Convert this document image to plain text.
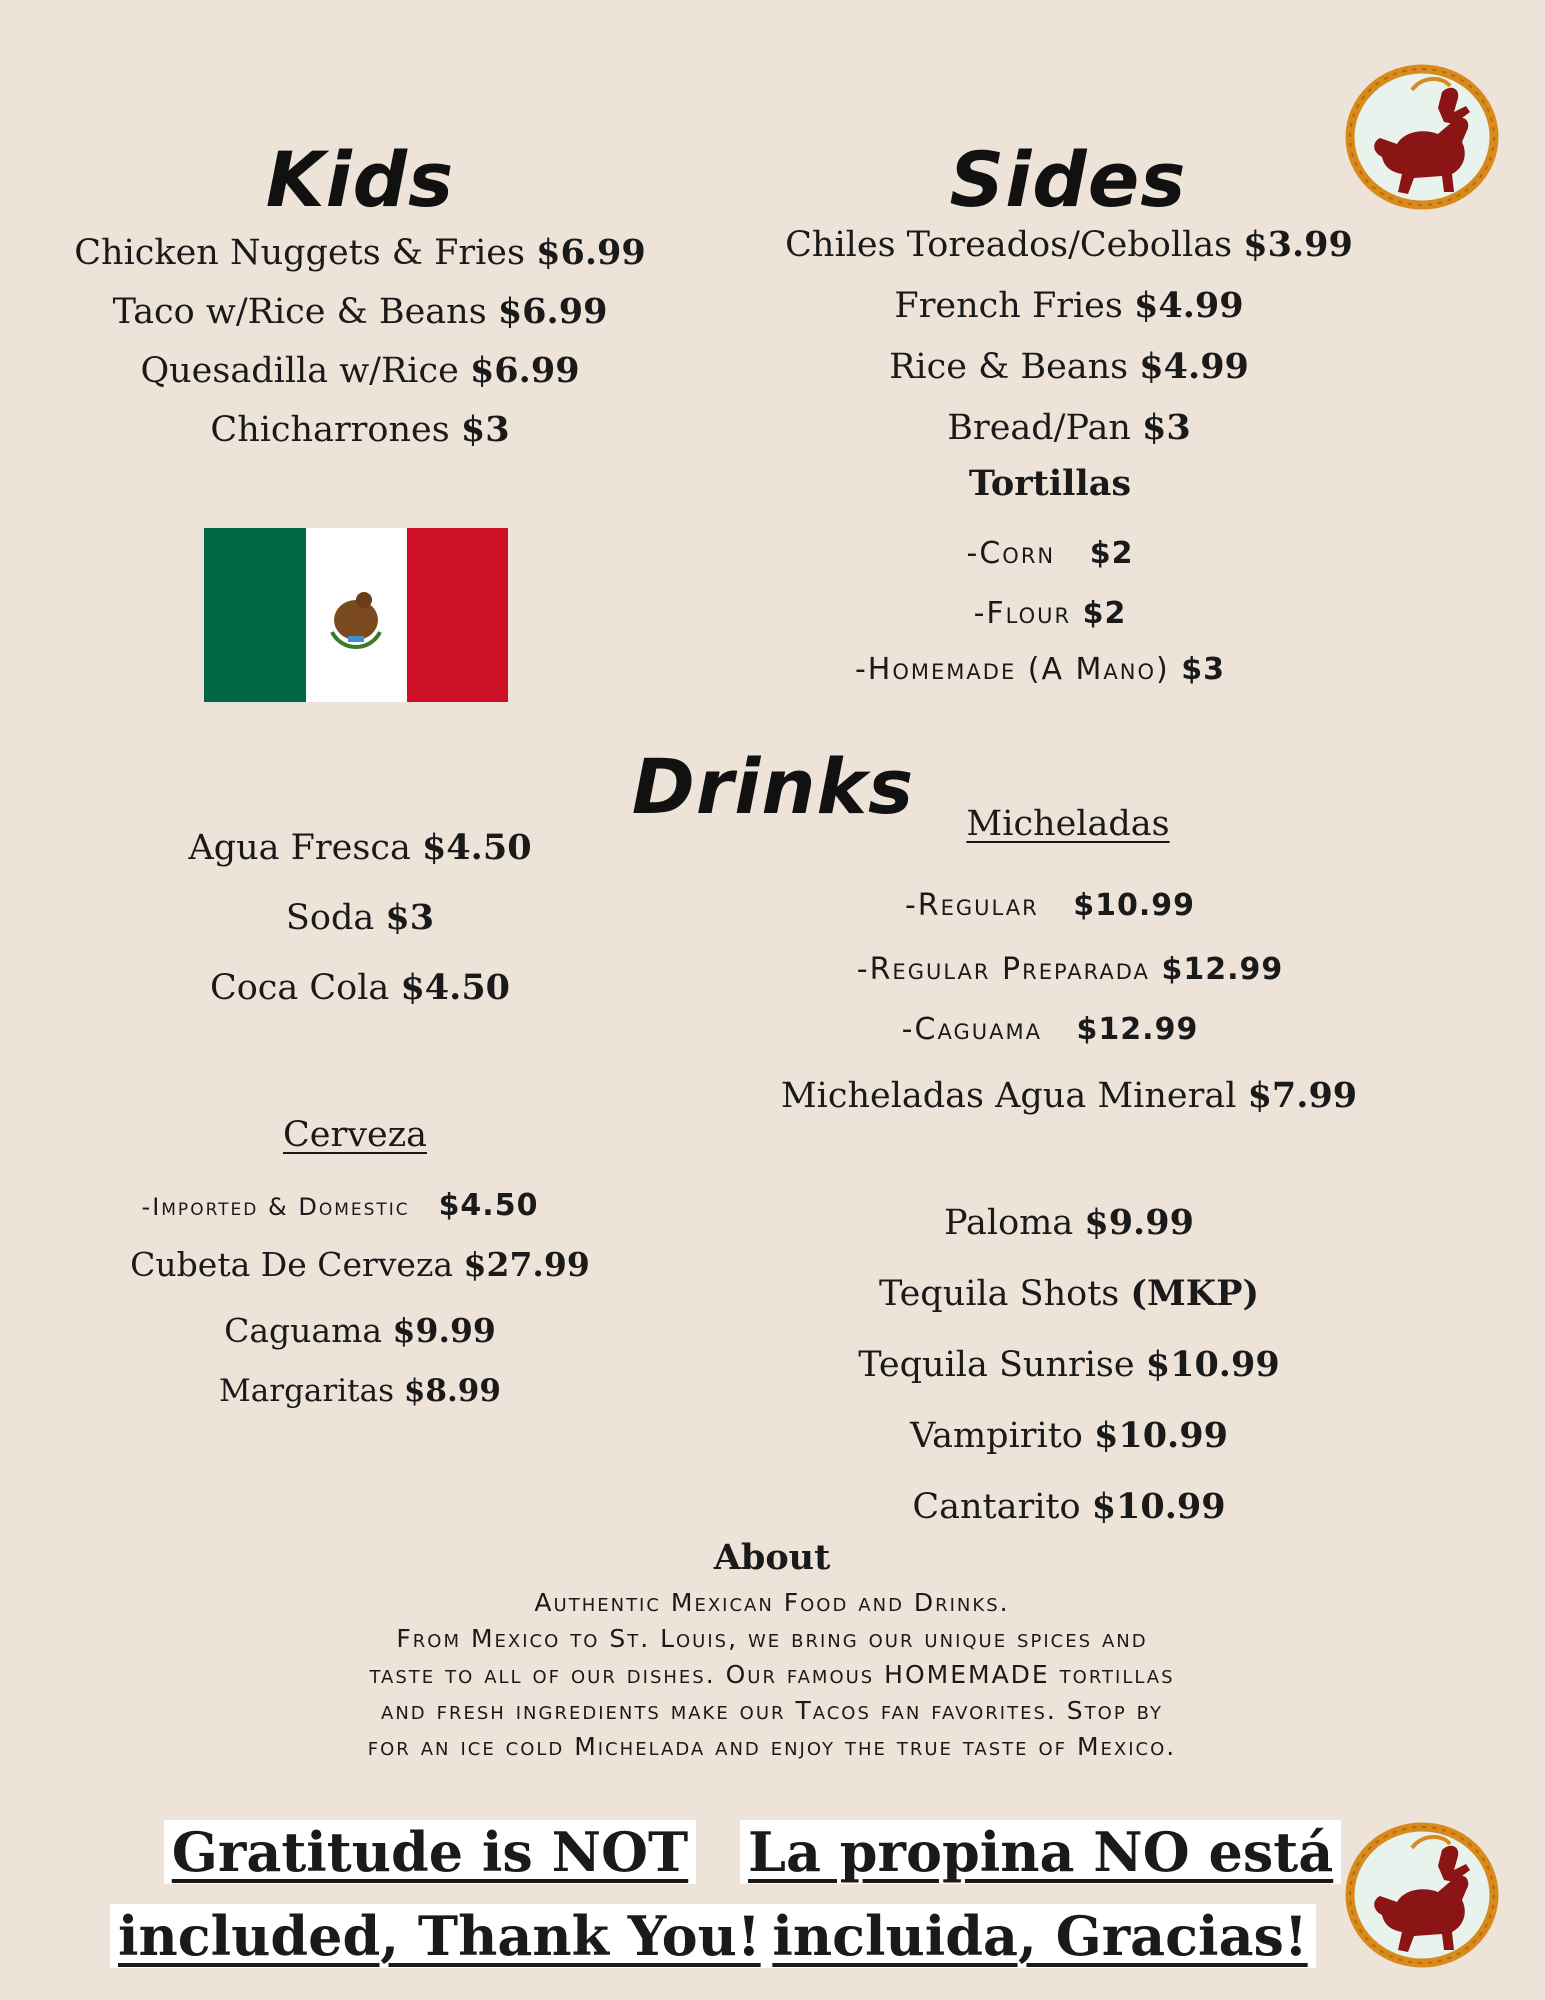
Kids
Chicken Nuggets & Fries $6.99
Taco w/Rice & Beans $6.99
Quesadilla w/Rice $6.99
Chicharrones $3
Sides
Chiles Toreados/Cebollas $3.99
French Fries $4.99
Rice & Beans $4.99
Bread/Pan $3
Tortillas
-Corn $2
-Flour $2
-Homemade (A Mano) $3
Drinks
Agua Fresca $4.50
Soda $3
Coca Cola $4.50
Cerveza
-Imported & Domestic $4.50
Cubeta De Cerveza $27.99
Caguama $9.99
Margaritas $8.99
Micheladas
-Regular $10.99
-Regular Preparada $12.99
-Caguama $12.99
Micheladas Agua Mineral $7.99
Paloma $9.99
Tequila Shots (MKP)
Tequila Sunrise $10.99
Vampirito $10.99
Cantarito $10.99
About
Authentic Mexican Food and Drinks.
From Mexico to St. Louis, we bring our unique spices and
taste to all of our dishes. Our famous HOMEMADE tortillas
and fresh ingredients make our Tacos fan favorites. Stop by
for an ice cold Michelada and enjoy the true taste of Mexico.
Gratitude is NOT
included, Thank You!
La propina NO está
incluida, Gracias!
